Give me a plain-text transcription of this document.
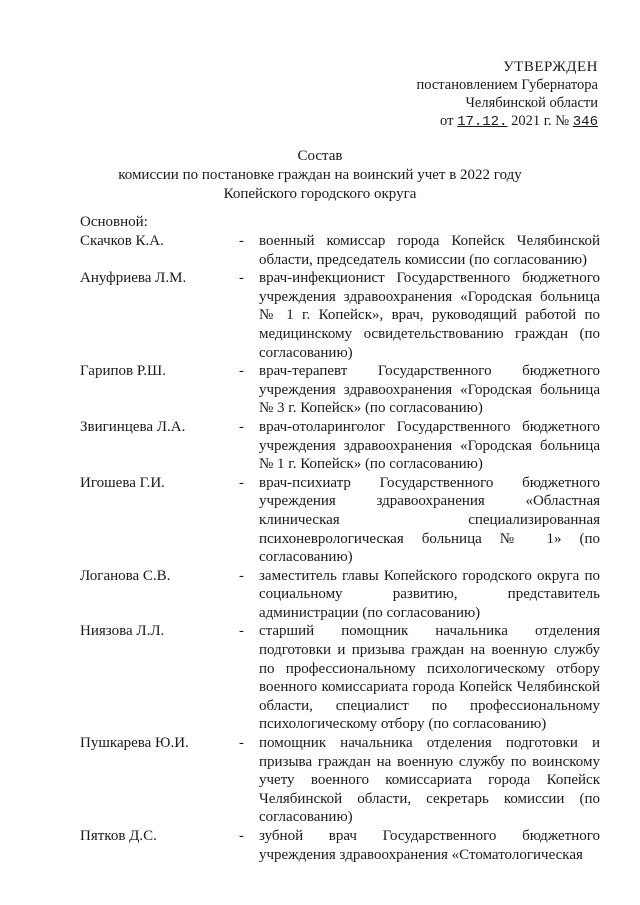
УТВЕРЖДЕН
постановлением Губернатора
Челябинской области
от 17.12. 2021 г. № 346
Состав
комиссии по постановке граждан на воинский учет в 2022 году
Копейского городского округа
Основной:
Скачков К.А.	-	военный комиссар города Копейск Челябинской области, председатель комиссии (по согласованию)
Ануфриева Л.М.	-	врач-инфекционист Государственного бюджетного учреждения здравоохранения «Городская больница № 1 г. Копейск», врач, руководящий работой по медицинскому освидетельствованию граждан (по согласованию)
Гарипов Р.Ш.	-	врач-терапевт Государственного бюджетного учреждения здравоохранения «Городская больница № 3 г. Копейск» (по согласованию)
Звигинцева Л.А.	-	врач-отоларинголог Государственного бюджетного учреждения здравоохранения «Городская больница № 1 г. Копейск» (по согласованию)
Игошева Г.И.	-	врач-психиатр Государственного бюджетного учреждения здравоохранения «Областная клиническая специализированная психоневрологическая больница № 1» (по согласованию)
Логанова С.В.	-	заместитель главы Копейского городского округа по социальному развитию, представитель администрации (по согласованию)
Ниязова Л.Л.	-	старший помощник начальника отделения подготовки и призыва граждан на военную службу по профессиональному психологическому отбору военного комиссариата города Копейск Челябинской области, специалист по профессиональному психологическому отбору (по согласованию)
Пушкарева Ю.И.	-	помощник начальника отделения подготовки и призыва граждан на военную службу по воинскому учету военного комиссариата города Копейск Челябинской области, секретарь комиссии (по согласованию)
Пятков Д.С.	-	зубной врач Государственного бюджетного учреждения здравоохранения «Стоматологическая
